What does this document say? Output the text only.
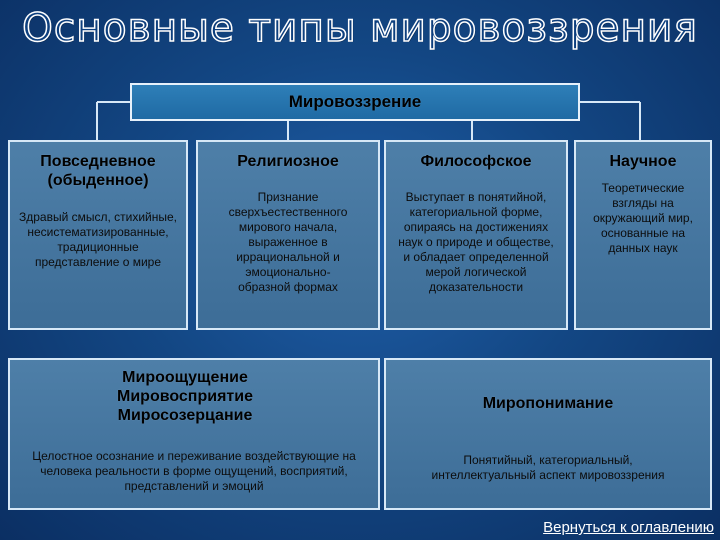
Основные типы мировоззрения
Мировоззрение
Повседневное (обыденное)
Здравый смысл, стихийные, несистематизированные, традиционные представление о мире
Религиозное
Признание сверхъестественного мирового начала, выраженное в иррациональной и эмоционально-образной формах
Философское
Выступает в понятийной, категориальной форме, опираясь на достижениях наук о природе и обществе, и обладает определенной мерой логической доказательности
Научное
Теоретические взгляды на окружающий мир, основанные на данных наук
Мироощущение
Мировосприятие
Миросозерцание
Целостное осознание и переживание воздействующие на человека реальности в форме ощущений, восприятий, представлений и эмоций
Миропонимание
Понятийный, категориальный, интеллектуальный аспект мировоззрения
Вернуться к оглавлению
